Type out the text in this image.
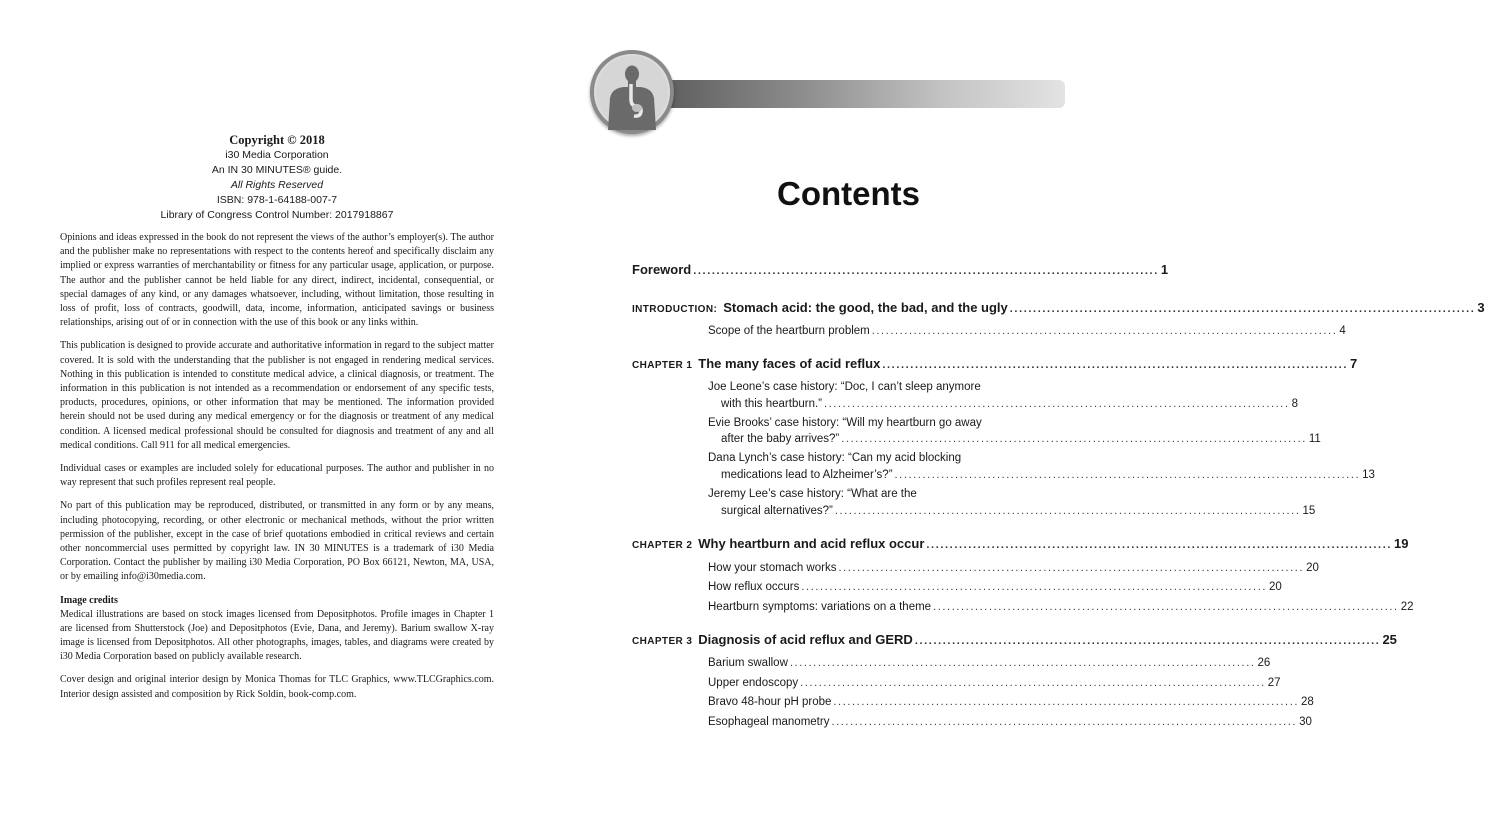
Copyright © 2018
i30 Media Corporation
An IN 30 MINUTES® guide.
All Rights Reserved
ISBN: 978-1-64188-007-7
Library of Congress Control Number: 2017918867

Opinions and ideas expressed in the book do not represent the views of the author’s employer(s). The author and the publisher make no representations with respect to the contents hereof and specifically disclaim any implied or express warranties of merchantability or fitness for any particular usage, application, or purpose. The author and the publisher cannot be held liable for any direct, indirect, incidental, consequential, or special damages of any kind, or any damages whatsoever, including, without limitation, those resulting in loss of profit, loss of contracts, goodwill, data, income, information, anticipated savings or business relationships, arising out of or in connection with the use of this book or any links within.

This publication is designed to provide accurate and authoritative information in regard to the subject matter covered. It is sold with the understanding that the publisher is not engaged in rendering medical services. Nothing in this publication is intended to constitute medical advice, a clinical diagnosis, or treatment. The information in this publication is not intended as a recommendation or endorsement of any specific tests, products, procedures, opinions, or other information that may be mentioned. The information provided herein should not be used during any medical emergency or for the diagnosis or treatment of any medical condition. A licensed medical professional should be consulted for diagnosis and treatment of any and all medical conditions. Call 911 for all medical emergencies.

Individual cases or examples are included solely for educational purposes. The author and publisher in no way represent that such profiles represent real people.

No part of this publication may be reproduced, distributed, or transmitted in any form or by any means, including photocopying, recording, or other electronic or mechanical methods, without the prior written permission of the publisher, except in the case of brief quotations embodied in critical reviews and certain other noncommercial uses permitted by copyright law. IN 30 MINUTES is a trademark of i30 Media Corporation. Contact the publisher by mailing i30 Media Corporation, PO Box 66121, Newton, MA, USA, or by emailing info@i30media.com.

Image credits

Medical illustrations are based on stock images licensed from Depositphotos. Profile images in Chapter 1 are licensed from Shutterstock (Joe) and Depositphotos (Evie, Dana, and Jeremy). Barium swallow X-ray image is licensed from Depositphotos. All other photographs, images, tables, and diagrams were created by i30 Media Corporation based on publicly available research.

Cover design and original interior design by Monica Thomas for TLC Graphics, www.TLCGraphics.com. Interior design assisted and composition by Rick Soldin, book-comp.com.

Contents
Foreword .................................................................................................... 1
INTRODUCTION: Stomach acid: the good, the bad, and the ugly .................................................................................................... 3
Scope of the heartburn problem .................................................................................................... 4
CHAPTER 1 The many faces of acid reflux .................................................................................................... 7
Joe Leone’s case history: “Doc, I can’t sleep anymore
with this heartburn.” .................................................................................................... 8
Evie Brooks’ case history: “Will my heartburn go away
after the baby arrives?” .................................................................................................... 11
Dana Lynch’s case history: “Can my acid blocking
medications lead to Alzheimer’s?” .................................................................................................... 13
Jeremy Lee’s case history: “What are the
surgical alternatives?” .................................................................................................... 15
CHAPTER 2 Why heartburn and acid reflux occur .................................................................................................... 19
How your stomach works .................................................................................................... 20
How reflux occurs .................................................................................................... 20
Heartburn symptoms: variations on a theme .................................................................................................... 22
CHAPTER 3 Diagnosis of acid reflux and GERD .................................................................................................... 25
Barium swallow .................................................................................................... 26
Upper endoscopy .................................................................................................... 27
Bravo 48-hour pH probe .................................................................................................... 28
Esophageal manometry .................................................................................................... 30
